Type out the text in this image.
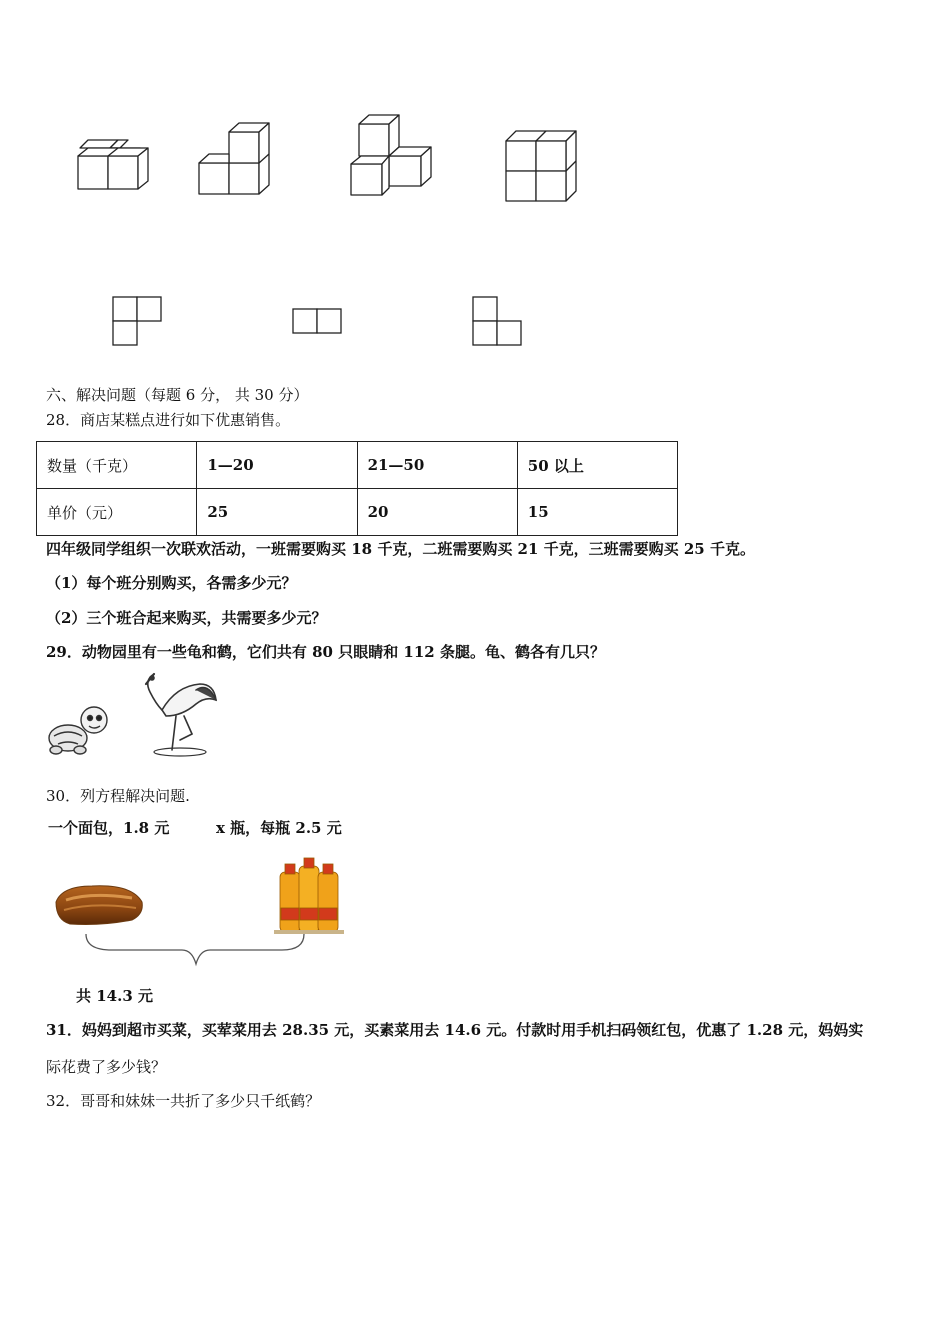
六、解决问题（每题 6 分， 共 30 分）
28．商店某糕点进行如下优惠销售。
数量（千克）	1—20	21—50	50 以上
单价（元）	25	20	15
四年级同学组织一次联欢活动，一班需要购买 18 千克，二班需要购买 21 千克，三班需要购买 25 千克。
（1）每个班分别购买，各需多少元？
（2）三个班合起来购买，共需要多少元？
29．动物园里有一些龟和鹤，它们共有 80 只眼睛和 112 条腿。龟、鹤各有几只？
30．列方程解决问题.
一个面包，1.8 元	x 瓶，每瓶 2.5 元
共 14.3 元
31．妈妈到超市买菜，买荤菜用去 28.35 元，买素菜用去 14.6 元。付款时用手机扫码领红包，优惠了 1.28 元，妈妈实
际花费了多少钱？
32．哥哥和妹妹一共折了多少只千纸鹤？
